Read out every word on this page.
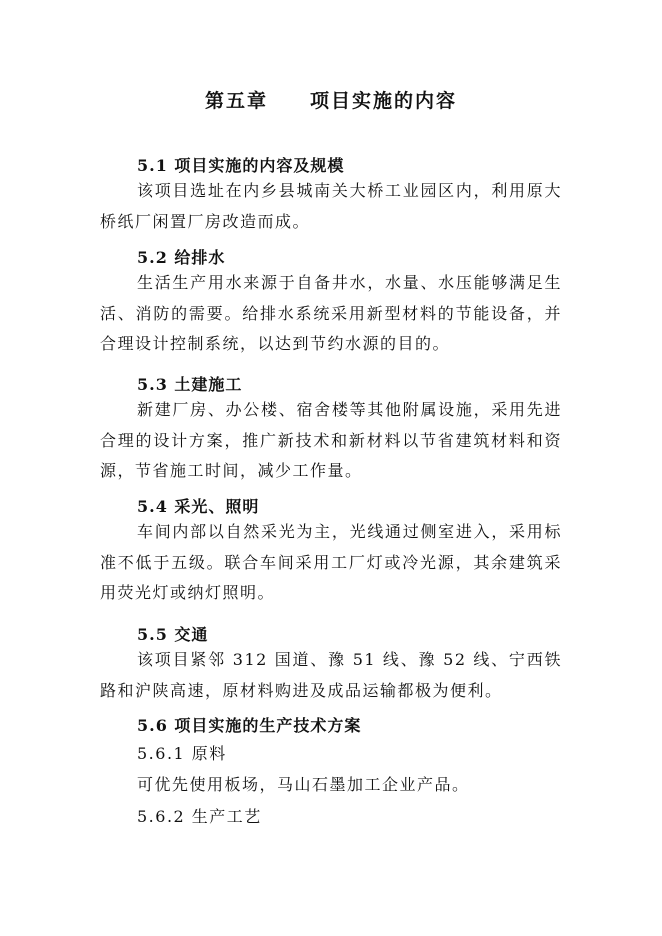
第五章　　项目实施的内容
5.1 项目实施的内容及规模
该项目选址在内乡县城南关大桥工业园区内，利用原大桥纸厂闲置厂房改造而成。
5.2 给排水
生活生产用水来源于自备井水，水量、水压能够满足生活、消防的需要。给排水系统采用新型材料的节能设备，并合理设计控制系统，以达到节约水源的目的。
5.3 土建施工
新建厂房、办公楼、宿舍楼等其他附属设施，采用先进合理的设计方案，推广新技术和新材料以节省建筑材料和资源，节省施工时间，减少工作量。
5.4 采光、照明
车间内部以自然采光为主，光线通过侧室进入，采用标准不低于五级。联合车间采用工厂灯或冷光源，其余建筑采用荧光灯或纳灯照明。
5.5 交通
该项目紧邻 312 国道、豫 51 线、豫 52 线、宁西铁路和沪陕高速，原材料购进及成品运输都极为便利。
5.6 项目实施的生产技术方案
5.6.1 原料
可优先使用板场，马山石墨加工企业产品。
5.6.2 生产工艺
